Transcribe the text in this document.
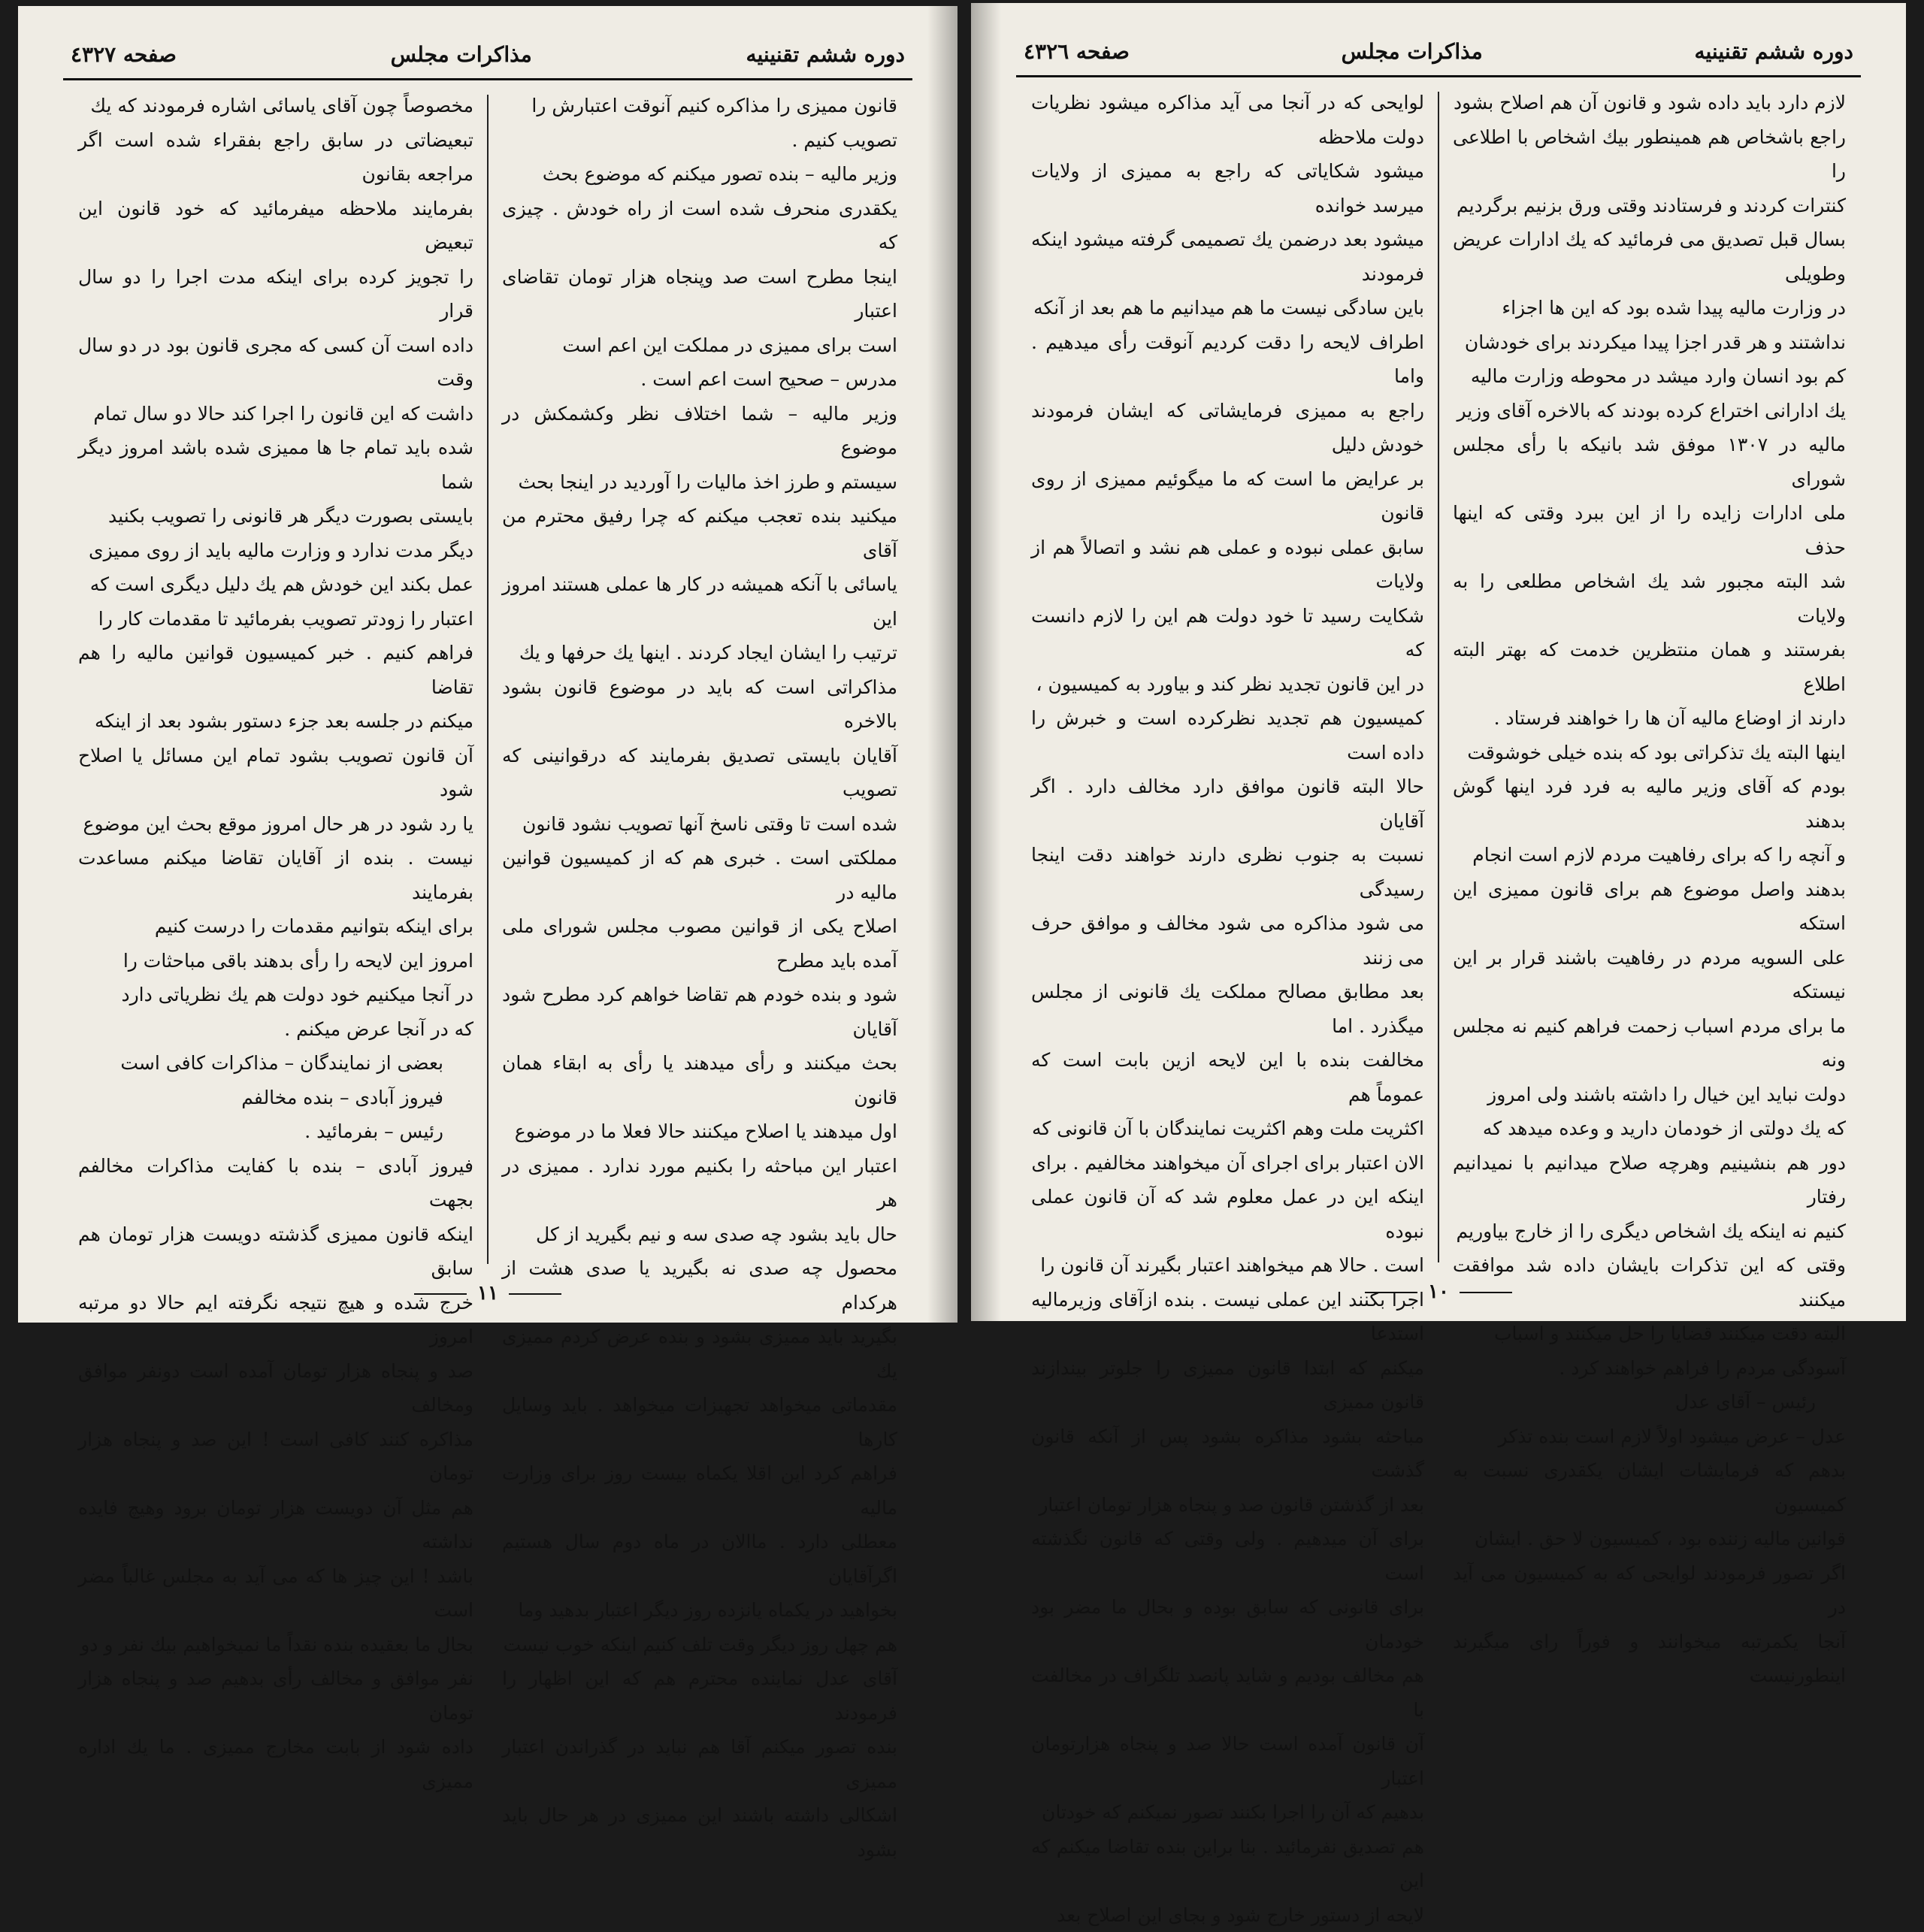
دوره ششم تقنينيه
مذاكرات مجلس
صفحه ٤٣٢٧

قانون ممیزی را مذاكره كنیم آنوقت اعتبارش را

تصویب كنیم .

وزیر مالیه – بنده تصور میكنم كه موضوع بحث

یكقدری منحرف شده است از راه خودش . چیزی كه

اینجا مطرح است صد وپنجاه هزار تومان تقاضای اعتبار

است برای ممیزی در مملكت این اعم است

مدرس – صحیح است اعم است .

وزیر مالیه – شما اختلاف نظر وكشمكش در موضوع

سیستم و طرز اخذ مالیات را آوردید در اینجا بحث

میكنید بنده تعجب میكنم كه چرا رفیق محترم من آقای

یاسائی با آنكه همیشه در كار ها عملی هستند امروز این

ترتیب را ایشان ایجاد كردند . اینها یك حرفها و یك

مذاكراتی است كه باید در موضوع قانون بشود بالاخره

آقایان بایستی تصدیق بفرمایند كه درقوانینی كه تصویب

شده است تا وقتی ناسخ آنها تصویب نشود قانون

مملكتی است . خبری هم كه از كمیسیون قوانین مالیه در

اصلاح یكی از قوانین مصوب مجلس شورای ملی آمده باید مطرح

شود و بنده خودم هم تقاضا خواهم كرد مطرح شود آقایان

بحث میكنند و رأی میدهند یا رأی به ابقاء همان قانون

اول میدهند یا اصلاح میكنند حالا فعلا ما در موضوع

اعتبار این مباحثه را بكنیم مورد ندارد . ممیزی در هر

حال باید بشود چه صدی سه و نیم بگیرید از كل

محصول چه صدی نه بگیرید یا صدی هشت از هركدام

بگیرید باید ممیزی بشود و بنده عرض كردم ممیزی یك

مقدماتی میخواهد تجهیزات میخواهد . باید وسایل كارها

فراهم كرد این اقلا یكماه بیست روز برای وزارت مالیه

معطلی دارد . ماالان در ماه دوم سال هستیم اگرآقایان

بخواهید در یكماه یانزده روز دیگر اعتبار بدهید وما

هم چهل روز دیگر وقت تلف كنیم اینكه خوب نیست

آقای عدل نماینده محترم هم كه این اظهار را فرمودند

بنده تصور میكنم آقا هم نباید در گذراندن اعتبار ممیزی

اشكالی داشته باشند این ممیزی در هر حال باید بشود

مخصوصاً چون آقای یاسائی اشاره فرمودند كه یك

تبعیضاتی در سابق راجع بفقراء شده است اگر مراجعه بقانون

بفرمایند ملاحظه میفرمائید كه خود قانون این تبعیض

را تجویز كرده برای اینكه مدت اجرا را دو سال قرار

داده است آن كسی كه مجری قانون بود در دو سال وقت

داشت كه این قانون را اجرا كند حالا دو سال تمام

شده باید تمام جا ها ممیزی شده باشد امروز دیگر شما

بایستی بصورت دیگر هر قانونی را تصویب بكنید

دیگر مدت ندارد و وزارت مالیه باید از روی ممیزی

عمل بكند این خودش هم یك دلیل دیگری است كه

اعتبار را زودتر تصویب بفرمائید تا مقدمات كار را

فراهم كنیم . خبر كمیسیون قوانین مالیه را هم تقاضا

میكنم در جلسه بعد جزء دستور بشود بعد از اینكه

آن قانون تصویب بشود تمام این مسائل یا اصلاح شود

یا رد شود در هر حال امروز موقع بحث این موضوع

نیست . بنده از آقایان تقاضا میكنم مساعدت بفرمایند

برای اینكه بتوانیم مقدمات را درست كنیم

امروز این لایحه را رأی بدهند باقی مباحثات را

در آنجا میكنیم خود دولت هم یك نظریاتی دارد

كه در آنجا عرض میكنم .

بعضی از نمایندگان – مذاكرات كافی است

فیروز آبادی – بنده مخالفم

رئیس – بفرمائید .

فیروز آبادی – بنده با كفایت مذاكرات مخالفم بجهت

اینكه قانون ممیزی گذشته دویست هزار تومان هم سابق

خرج شده و هیچ نتیجه نگرفته ایم حالا دو مرتبه امروز

صد و پنجاه هزار تومان آمده است دونفر موافق ومخالف

مذاكره كنند كافی است ! این صد و پنجاه هزار تومان

هم مثل آن دویست هزار تومان برود وهیچ فایده نداشته

باشد ! این چیز ها كه می آید به مجلس غالباً مضر است

بحال ما بعقیده بنده نقداً ما نمیخواهیم بیك نفر و دو

نفر موافق و مخالف رأی بدهیم صد و پنجاه هزار تومان

داده شود از بابت مخارج ممیزی . ما یك اداره ممیزی

١١
دوره ششم تقنينيه
مذاكرات مجلس
صفحه ٤٣٢٦

لازم دارد باید داده شود و قانون آن هم اصلاح بشود

راجع باشخاص هم همینطور بیك اشخاص با اطلاعی را

كنترات كردند و فرستادند وقتی ورق بزنیم برگردیم

بسال قبل تصدیق می فرمائید كه یك ادارات عریض وطویلی

در وزارت مالیه پیدا شده بود كه این ها اجزاء

نداشتند و هر قدر اجزا پیدا میكردند برای خودشان

كم بود انسان وارد میشد در محوطه وزارت مالیه

یك ادارانی اختراع كرده بودند كه بالاخره آقای وزیر

مالیه در ١٣٠٧ موفق شد بانیكه با رأی مجلس شورای

ملی ادارات زایده را از این ببرد وقتی كه اینها حذف

شد البته مجبور شد یك اشخاص مطلعی را به ولایات

بفرستند و همان منتظرین خدمت كه بهتر البته اطلاع

دارند از اوضاع مالیه آن ها را خواهند فرستاد .

اینها البته یك تذكراتی بود كه بنده خیلی خوشوقت

بودم كه آقای وزیر مالیه به فرد فرد اینها گوش بدهند

و آنچه را كه برای رفاهیت مردم لازم است انجام

بدهند واصل موضوع هم برای قانون ممیزی این استكه

علی السویه مردم در رفاهیت باشند قرار بر این نیستكه

ما برای مردم اسباب زحمت فراهم كنیم نه مجلس ونه

دولت نباید این خیال را داشته باشند ولی امروز

كه یك دولتی از خودمان دارید و وعده میدهد كه

دور هم بنشینیم وهرچه صلاح میدانیم با نمیدانیم رفتار

كنیم نه اینكه یك اشخاص دیگری را از خارج بیاوریم

وقتی كه این تذكرات بایشان داده شد موافقت میكنند

البته دقت میكنند قضایا را حل میكنند و اسباب

آسودگی مردم را فراهم خواهند كرد .

رئیس – آقای عدل

عدل – عرض میشود اولاً لازم است بنده تذكر

بدهم كه فرمایشات ایشان یكقدری نسبت به كمیسیون

قوانین مالیه زننده بود ، كمیسیون لا حق . ایشان

اگر تصور فرمودند لوایحی كه به كمیسیون می آید در

آنجا یكمرتبه میخوانند و فوراً رای میگیرند اینطورنیست

لوایحی كه در آنجا می آید مذاكره میشود نظریات دولت ملاحظه

میشود شكایاتی كه راجع به ممیزی از ولایات میرسد خوانده

میشود بعد درضمن یك تصمیمی گرفته میشود اینكه فرمودند

باین سادگی نیست ما هم میدانیم ما هم بعد از آنكه

اطراف لایحه را دقت كردیم آنوقت رأی میدهیم . واما

راجع به ممیزی فرمایشاتی كه ایشان فرمودند خودش دلیل

بر عرایض ما است كه ما میگوئیم ممیزی از روی قانون

سابق عملی نبوده و عملی هم نشد و اتصالاً هم از ولایات

شكایت رسید تا خود دولت هم این را لازم دانست كه

در این قانون تجدید نظر كند و بیاورد به كمیسیون ،

كمیسیون هم تجدید نظركرده است و خبرش را داده است

حالا البته قانون موافق دارد مخالف دارد . اگر آقایان

نسبت به جنوب نظری دارند خواهند دقت اینجا رسیدگی

می شود مذاكره می شود مخالف و موافق حرف می زنند

بعد مطابق مصالح مملكت یك قانونی از مجلس میگذرد . اما

مخالفت بنده با این لایحه ازین بابت است كه عموماً هم

اكثریت ملت وهم اكثریت نمایندگان با آن قانونی كه

الان اعتبار برای اجرای آن میخواهند مخالفیم . برای

اینكه این در عمل معلوم شد كه آن قانون عملی نبوده

است . حالا هم میخواهند اعتبار بگیرند آن قانون را

اجرا بكنند این عملی نیست . بنده ازآقای وزیرمالیه استدعا

میكنم كه ابتدا قانون ممیزی را جلوتر بیندازند قانون ممیزی

مباحثه بشود مذاكره بشود پس از آنكه قانون گذشت

بعد از گذشتن قانون صد و پنجاه هزار تومان اعتبار

برای آن میدهیم . ولی وقتی كه قانون نگذشته است

برای قانونی كه سابق بوده و بحال ما مضر بود خودمان

هم مخالف بودیم و شاید پانصد تلگراف در مخالفت با

آن قانون آمده است حالا صد و پنجاه هزارتومان اعتبار

بدهیم كه آن را اجرا بكنند تصور نمیكنم كه خودتان

هم تصدیق نفرمائید . بنا براین بنده تقاضا میكنم كه این

لایحه از دستور خارج شود و بجای این اصلاح بعد

١٠
